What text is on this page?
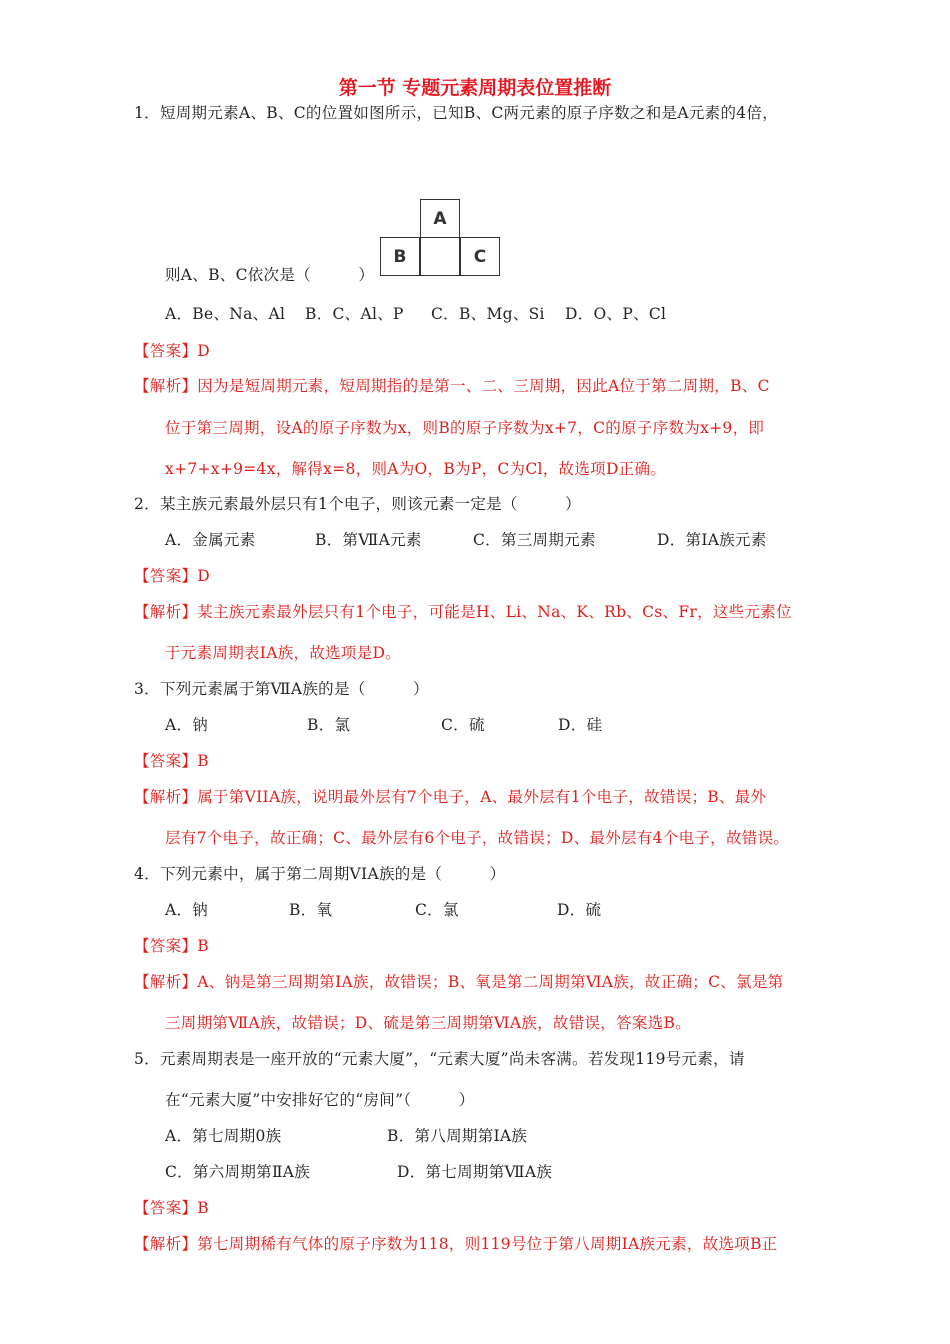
第一节 专题元素周期表位置推断
1．短周期元素A、B、C的位置如图所示，已知B、C两元素的原子序数之和是A元素的4倍，
A
B	C
则A、B、C依次是（　　　）
A．Be、Na、Al B．C、Al、P C．B、Mg、Si D．O、P、Cl
【答案】D
【解析】因为是短周期元素，短周期指的是第一、二、三周期，因此A位于第二周期，B、C
位于第三周期，设A的原子序数为x，则B的原子序数为x+7，C的原子序数为x+9，即
x+7+x+9=4x，解得x=8，则A为O，B为P，C为Cl，故选项D正确。
2．某主族元素最外层只有1个电子，则该元素一定是（　　　）
A．金属元素	B．第ⅦA元素	C．第三周期元素	D．第ⅠA族元素
【答案】D
【解析】某主族元素最外层只有1个电子，可能是H、Li、Na、K、Rb、Cs、Fr，这些元素位
于元素周期表ⅠA族，故选项是D。
3．下列元素属于第ⅦA族的是（　　　）
A．钠	B．氯	C．硫	D．硅
【答案】B
【解析】属于第VIIA族，说明最外层有7个电子，A、最外层有1个电子，故错误；B、最外
层有7个电子，故正确；C、最外层有6个电子，故错误；D、最外层有4个电子，故错误。
4．下列元素中，属于第二周期VIA族的是（　　　）
A．钠	B．氧	C．氯	D．硫
【答案】B
【解析】A、钠是第三周期第IA族，故错误；B、氧是第二周期第ⅥA族，故正确；C、氯是第
三周期第ⅦA族，故错误；D、硫是第三周期第ⅥA族，故错误，答案选B。
5．元素周期表是一座开放的“元素大厦”，“元素大厦”尚未客满。若发现119号元素，请
在“元素大厦”中安排好它的“房间”（　　　）
A．第七周期0族	B．第八周期第ⅠA族
C．第六周期第ⅡA族	D．第七周期第ⅦA族
【答案】B
【解析】第七周期稀有气体的原子序数为118，则119号位于第八周期IA族元素，故选项B正
